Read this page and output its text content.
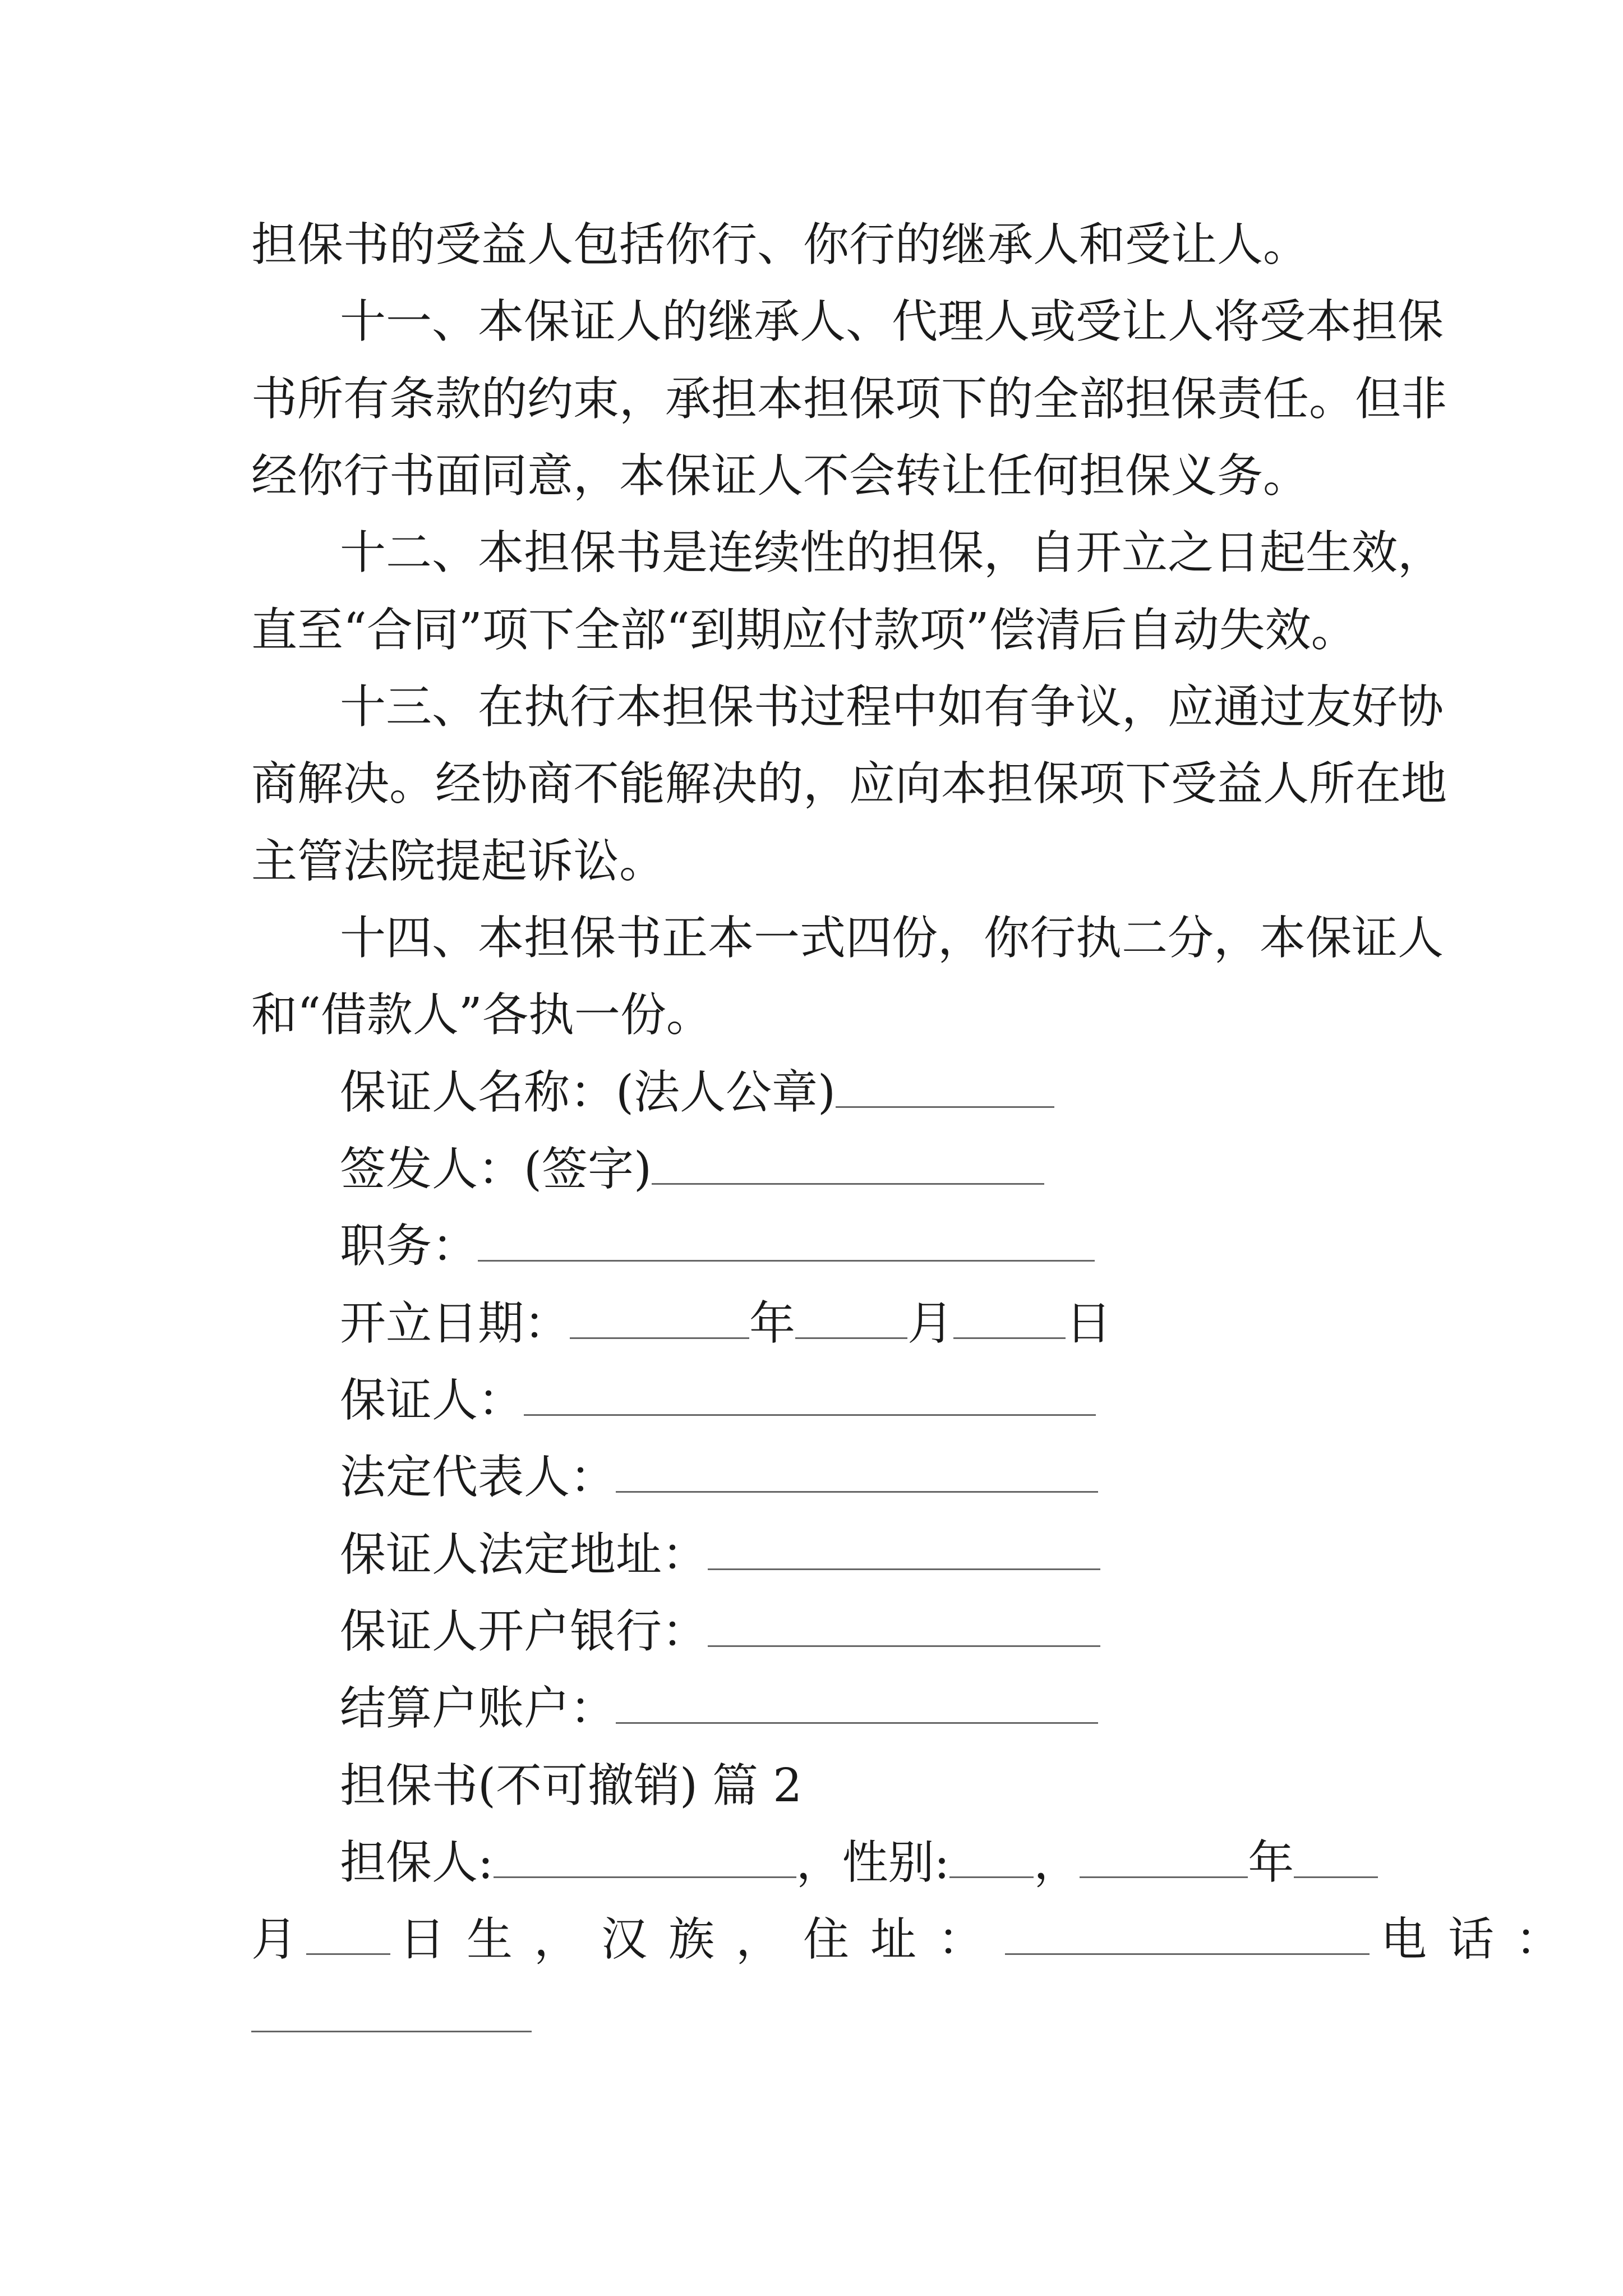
担保书的受益人包括你行、你行的继承人和受让人。
十一、本保证人的继承人、代理人或受让人将受本担保
书所有条款的约束，承担本担保项下的全部担保责任。但非
经你行书面同意，本保证人不会转让任何担保义务。
十二、本担保书是连续性的担保，自开立之日起生效，
直至“合同”项下全部“到期应付款项”偿清后自动失效。
十三、在执行本担保书过程中如有争议，应通过友好协
商解决。经协商不能解决的，应向本担保项下受益人所在地
主管法院提起诉讼。
十四、本担保书正本一式四份，你行执二分，本保证人
和“借款人”各执一份。
保证人名称：(法人公章)
签发人：(签字)
职务：
开立日期：	年 月 日
保证人：
法定代表人：
保证人法定地址：
保证人开户银行：
结算户账户：
担保书(不可撤销) 篇 2
担保人:	，性别: ，	年
月 日生，汉族，住址：	电话：
